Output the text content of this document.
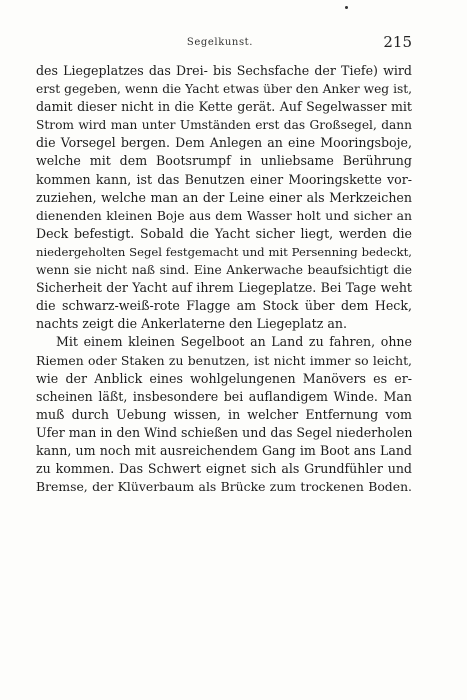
Segelkunst.	215
des Liegeplatzes das Drei- bis Sechsfache der Tiefe) wird
erst gegeben, wenn die Yacht etwas über den Anker weg ist,
damit dieser nicht in die Kette gerät. Auf Segelwasser mit
Strom wird man unter Umständen erst das Großsegel, dann
die Vorsegel bergen. Dem Anlegen an eine Mooringsboje,
welche mit dem Bootsrumpf in unliebsame Berührung
kommen kann, ist das Benutzen einer Mooringskette vor-
zuziehen, welche man an der Leine einer als Merkzeichen
dienenden kleinen Boje aus dem Wasser holt und sicher an
Deck befestigt. Sobald die Yacht sicher liegt, werden die
niedergeholten Segel festgemacht und mit Persenning bedeckt,
wenn sie nicht naß sind. Eine Ankerwache beaufsichtigt die
Sicherheit der Yacht auf ihrem Liegeplatze. Bei Tage weht
die schwarz-weiß-rote Flagge am Stock über dem Heck,
nachts zeigt die Ankerlaterne den Liegeplatz an.
Mit einem kleinen Segelboot an Land zu fahren, ohne
Riemen oder Staken zu benutzen, ist nicht immer so leicht,
wie der Anblick eines wohlgelungenen Manövers es er-
scheinen läßt, insbesondere bei auflandigem Winde. Man
muß durch Uebung wissen, in welcher Entfernung vom
Ufer man in den Wind schießen und das Segel niederholen
kann, um noch mit ausreichendem Gang im Boot ans Land
zu kommen. Das Schwert eignet sich als Grundfühler und
Bremse, der Klüverbaum als Brücke zum trockenen Boden.
